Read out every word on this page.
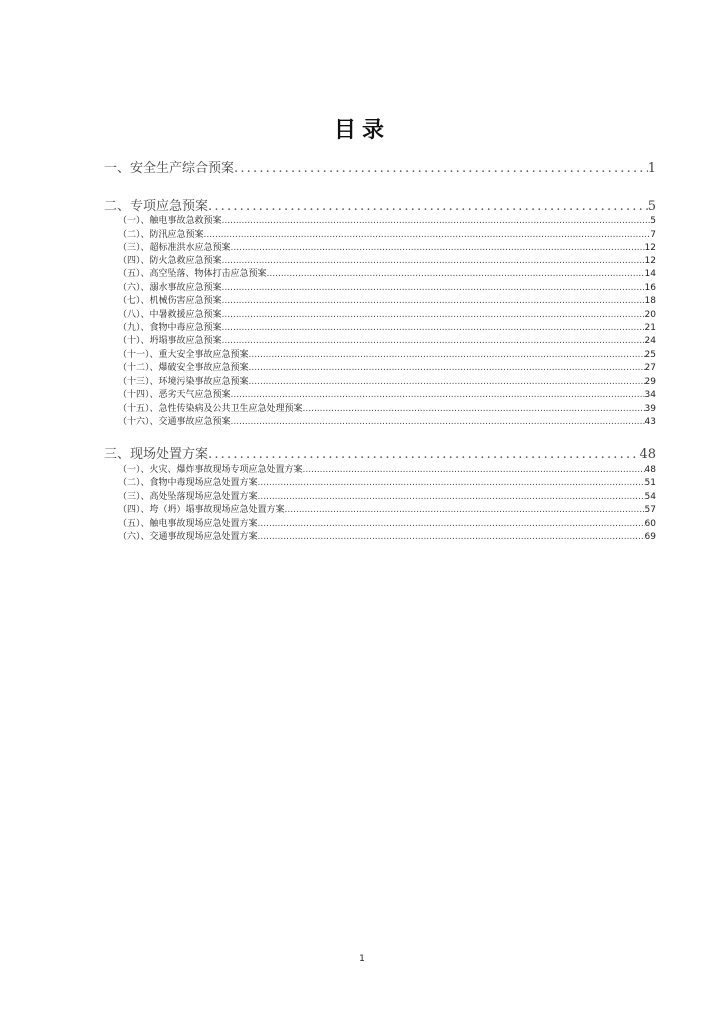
目录
一、安全生产综合预案 .....	1
二、专项应急预案 .....	5
（一）、触电事故急救预案 .....	5
（二）、防汛应急预案 .....	7
（三）、超标准洪水应急预案 .....	12
（四）、防火急救应急预案 .....	12
（五）、高空坠落、物体打击应急预案 .....	14
（六）、溺水事故应急预案 .....	16
（七）、机械伤害应急预案 .....	18
（八）、中暑救援应急预案 .....	20
（九）、食物中毒应急预案 .....	21
（十）、坍塌事故应急预案 .....	24
（十一）、重大安全事故应急预案 .....	25
（十二）、爆破安全事故应急预案 .....	27
（十三）、环境污染事故应急预案 .....	29
（十四）、恶劣天气应急预案 .....	34
（十五）、急性传染病及公共卫生应急处理预案 .....	39
（十六）、交通事故应急预案 .....	43
三、现场处置方案 .....	48
（一）、火灾、爆炸事故现场专项应急处置方案 .....	48
（二）、食物中毒现场应急处置方案 .....	51
（三）、高处坠落现场应急处置方案 .....	54
（四）、垮（坍）塌事故现场应急处置方案 .....	57
（五）、触电事故现场应急处置方案 .....	60
（六）、交通事故现场应急处置方案 .....	69
1
